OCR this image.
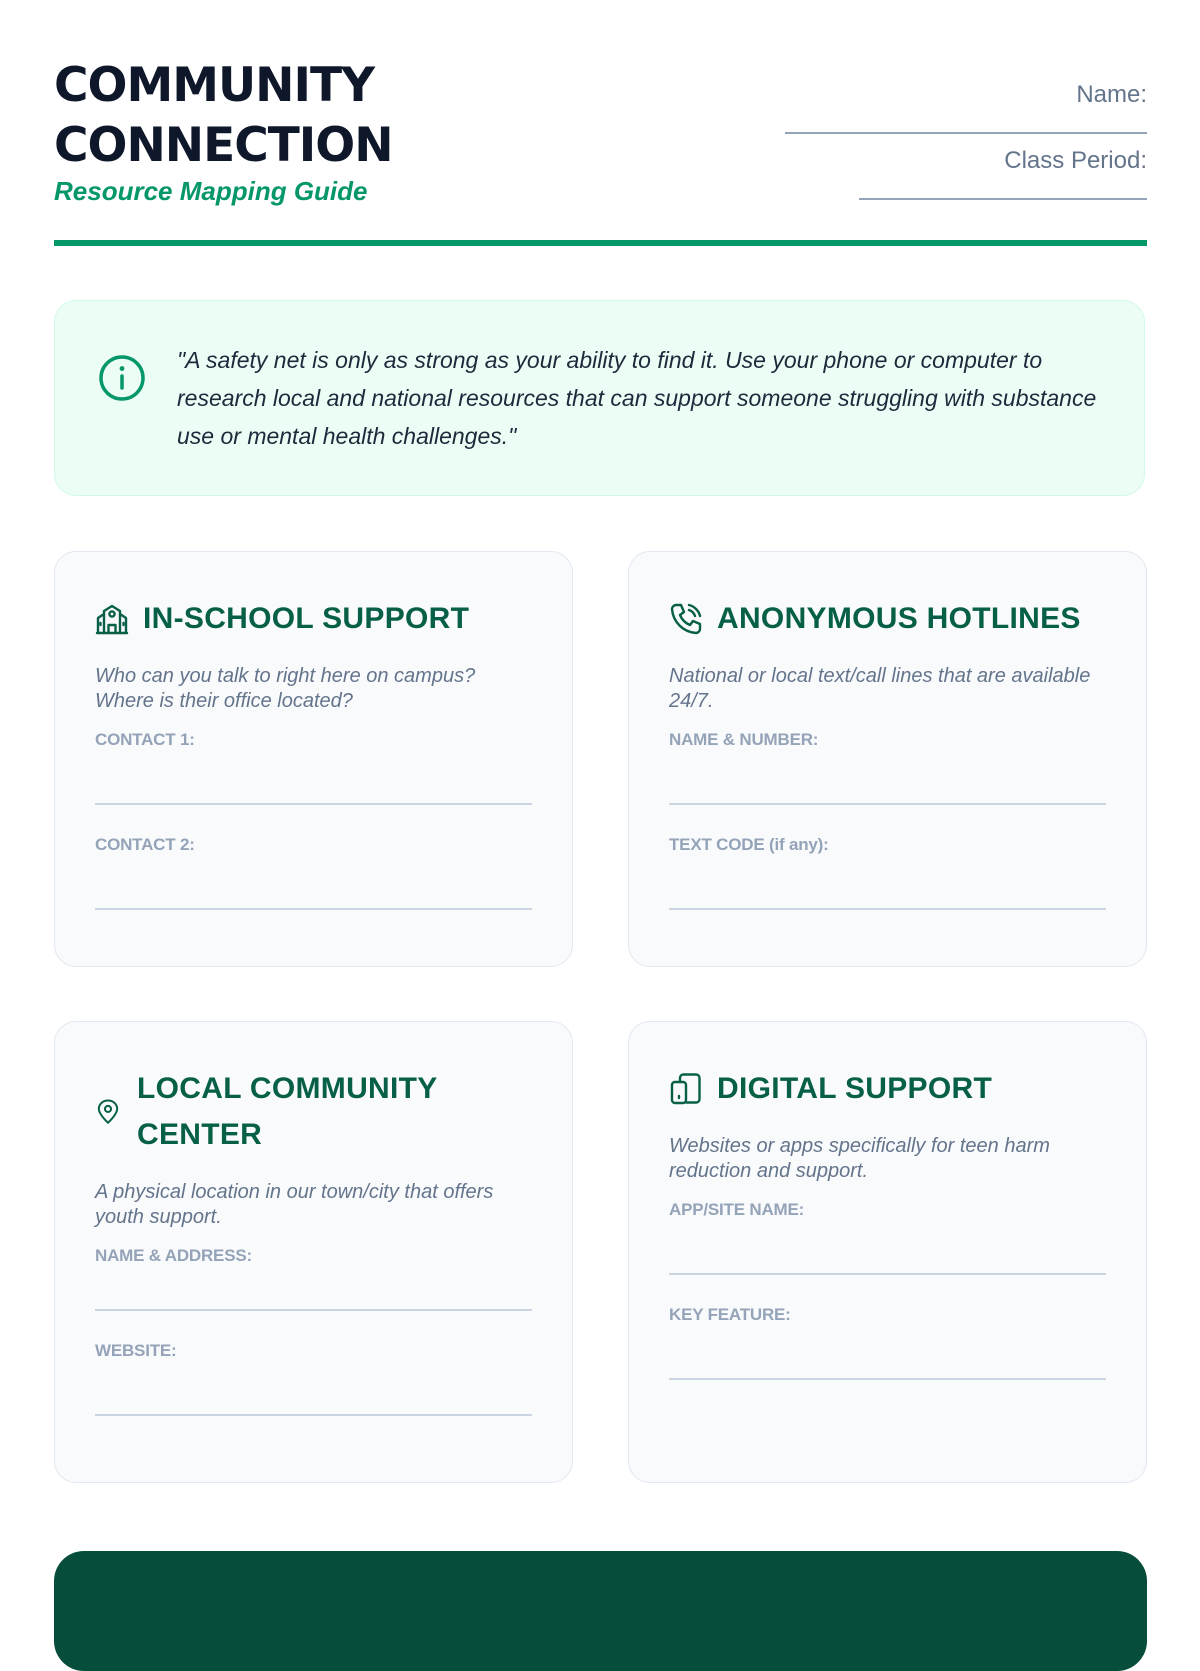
COMMUNITY
CONNECTION
Resource Mapping Guide
Name:
Class Period:
"A safety net is only as strong as your ability to find it. Use your phone or computer to research local and national resources that can support someone struggling with substance use or mental health challenges."
IN-SCHOOL SUPPORT
Who can you talk to right here on campus? Where is their office located?
CONTACT 1:
CONTACT 2:
ANONYMOUS HOTLINES
National or local text/call lines that are available 24/7.
NAME & NUMBER:
TEXT CODE (if any):
LOCAL COMMUNITY CENTER
A physical location in our town/city that offers youth support.
NAME & ADDRESS:
WEBSITE:
DIGITAL SUPPORT
Websites or apps specifically for teen harm reduction and support.
APP/SITE NAME:
KEY FEATURE:
